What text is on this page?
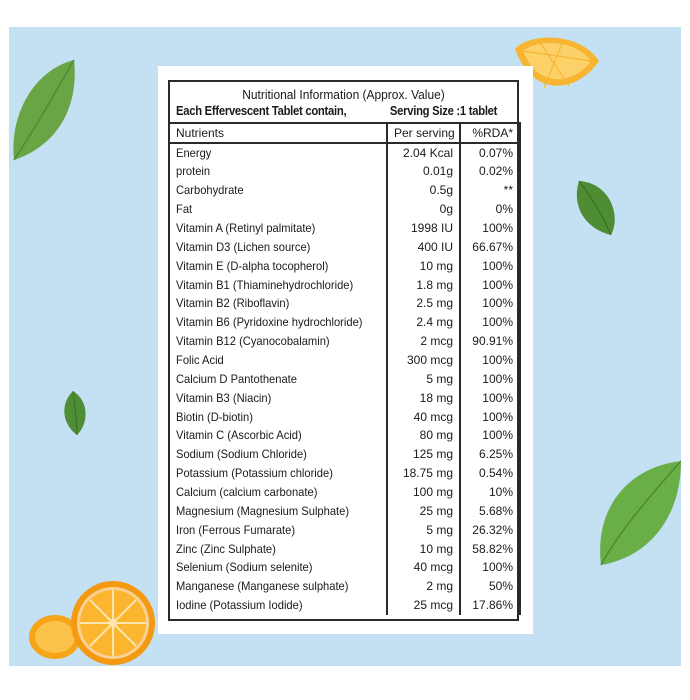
Nutritional Information (Approx. Value)
Each Effervescent Tablet contain,	Serving Size :1 tablet
Nutrients	Per serving	%RDA*
Energy	2.04 Kcal	0.07%
protein	0.01g	0.02%
Carbohydrate	0.5g	**
Fat	0g	0%
Vitamin A (Retinyl palmitate)	1998 IU	100%
Vitamin D3 (Lichen source)	400 IU	66.67%
Vitamin E (D-alpha tocopherol)	10 mg	100%
Vitamin B1 (Thiaminehydrochloride)	1.8 mg	100%
Vitamin B2 (Riboflavin)	2.5 mg	100%
Vitamin B6 (Pyridoxine hydrochloride)	2.4 mg	100%
Vitamin B12 (Cyanocobalamin)	2 mcg	90.91%
Folic Acid	300 mcg	100%
Calcium D Pantothenate	5 mg	100%
Vitamin B3 (Niacin)	18 mg	100%
Biotin (D-biotin)	40 mcg	100%
Vitamin C (Ascorbic Acid)	80 mg	100%
Sodium (Sodium Chloride)	125 mg	6.25%
Potassium (Potassium chloride)	18.75 mg	0.54%
Calcium (calcium carbonate)	100 mg	10%
Magnesium (Magnesium Sulphate)	25 mg	5.68%
Iron (Ferrous Fumarate)	5 mg	26.32%
Zinc (Zinc Sulphate)	10 mg	58.82%
Selenium (Sodium selenite)	40 mcg	100%
Manganese (Manganese sulphate)	2 mg	50%
Iodine (Potassium Iodide)	25 mcg	17.86%
